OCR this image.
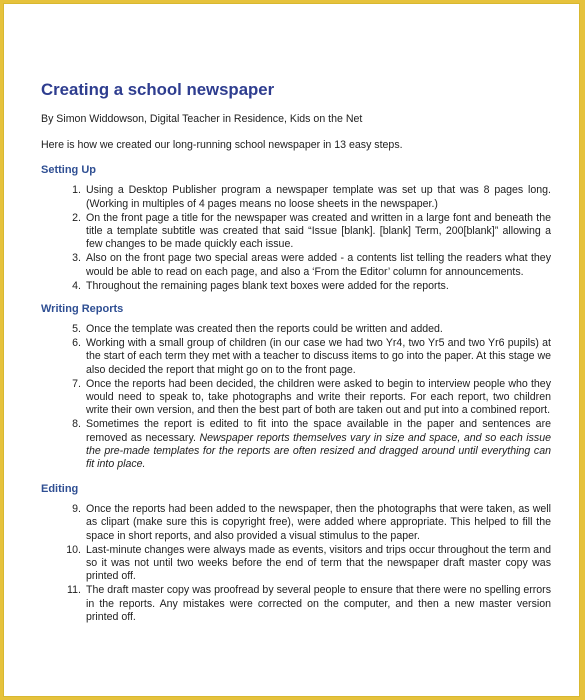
Creating a school newspaper
By Simon Widdowson, Digital Teacher in Residence, Kids on the Net
Here is how we created our long-running school newspaper in 13 easy steps.
Setting Up
1. Using a Desktop Publisher program a newspaper template was set up that was 8 pages long. (Working in multiples of 4 pages means no loose sheets in the newspaper.)
2. On the front page a title for the newspaper was created and written in a large font and beneath the title a template subtitle was created that said “Issue [blank]. [blank] Term, 200[blank]” allowing a few changes to be made quickly each issue.
3. Also on the front page two special areas were added - a contents list telling the readers what they would be able to read on each page, and also a ‘From the Editor’ column for announcements.
4. Throughout the remaining pages blank text boxes were added for the reports.
Writing Reports
5. Once the template was created then the reports could be written and added.
6. Working with a small group of children (in our case we had two Yr4, two Yr5 and two Yr6 pupils) at the start of each term they met with a teacher to discuss items to go into the paper. At this stage we also decided the report that might go on to the front page.
7. Once the reports had been decided, the children were asked to begin to interview people who they would need to speak to, take photographs and write their reports. For each report, two children write their own version, and then the best part of both are taken out and put into a combined report.
8. Sometimes the report is edited to fit into the space available in the paper and sentences are removed as necessary. Newspaper reports themselves vary in size and space, and so each issue the pre-made templates for the reports are often resized and dragged around until everything can fit into place.
Editing
9. Once the reports had been added to the newspaper, then the photographs that were taken, as well as clipart (make sure this is copyright free), were added where appropriate. This helped to fill the space in short reports, and also provided a visual stimulus to the paper.
10. Last-minute changes were always made as events, visitors and trips occur throughout the term and so it was not until two weeks before the end of term that the newspaper draft master copy was printed off.
11. The draft master copy was proofread by several people to ensure that there were no spelling errors in the reports. Any mistakes were corrected on the computer, and then a new master version printed off.
